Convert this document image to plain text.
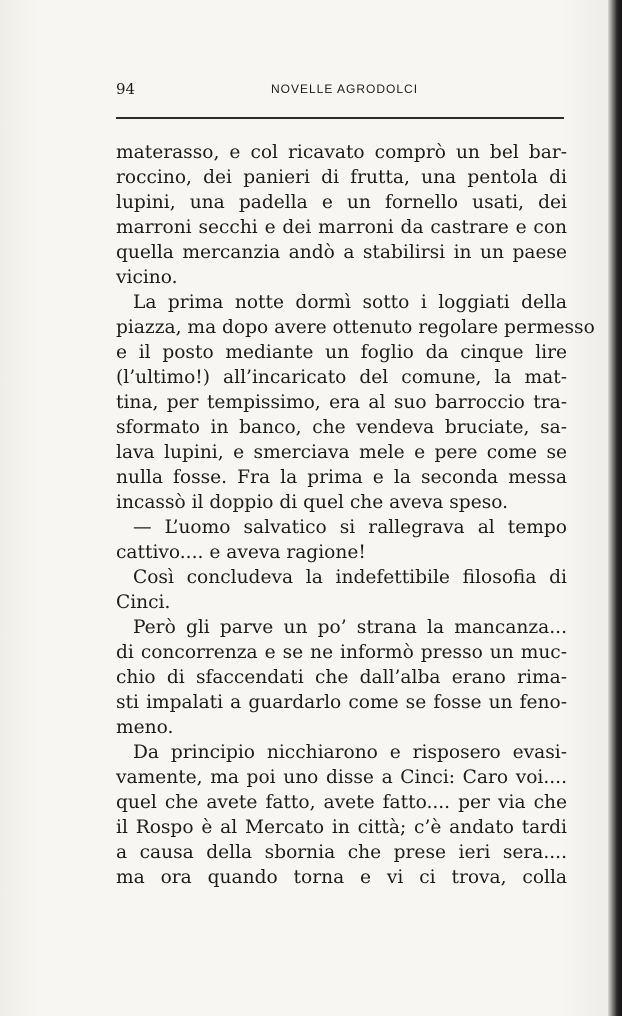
94	NOVELLE AGRODOLCI
materasso, e col ricavato comprò un bel bar-
roccino, dei panieri di frutta, una pentola di
lupini, una padella e un fornello usati, dei
marroni secchi e dei marroni da castrare e con
quella mercanzia andò a stabilirsi in un paese
vicino.
La prima notte dormì sotto i loggiati della
piazza, ma dopo avere ottenuto regolare permesso
e il posto mediante un foglio da cinque lire
(l’ultimo!) all’incaricato del comune, la mat-
tina, per tempissimo, era al suo barroccio tra-
sformato in banco, che vendeva bruciate, sa-
lava lupini, e smerciava mele e pere come se
nulla fosse. Fra la prima e la seconda messa
incassò il doppio di quel che aveva speso.
— L’uomo salvatico si rallegrava al tempo
cattivo.... e aveva ragione!
Così concludeva la indefettibile filosofia di
Cinci.
Però gli parve un po’ strana la mancanza...
di concorrenza e se ne informò presso un muc-
chio di sfaccendati che dall’alba erano rima-
sti impalati a guardarlo come se fosse un feno-
meno.
Da principio nicchiarono e risposero evasi-
vamente, ma poi uno disse a Cinci: Caro voi....
quel che avete fatto, avete fatto.... per via che
il Rospo è al Mercato in città; c’è andato tardi
a causa della sbornia che prese ieri sera....
ma ora quando torna e vi ci trova, colla
